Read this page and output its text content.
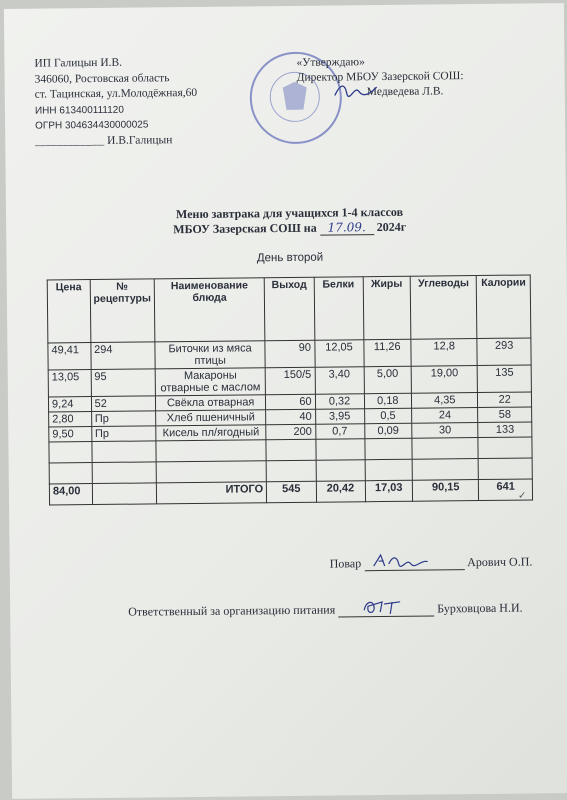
ИП Галицын И.В.
346060, Ростовская область
ст. Тацинская, ул.Молодёжная,60
ИНН 613400111120
ОГРН 304634430000025
____________ И.В.Галицын
«Утверждаю»
Директор МБОУ Зазерской СОШ:
Медведева Л.В.
Меню завтрака для учащихся 1-4 классов
МБОУ Зазерская СОШ на 17.09. 2024г
День второй
Цена	№ рецептуры	Наименование блюда	Выход	Белки	Жиры	Углеводы	Калории
49,41	294	Биточки из мяса птицы	90	12,05	11,26	12,8	293
13,05	95	Макароны отварные с маслом	150/5	3,40	5,00	19,00	135
9,24	52	Свёкла отварная	60	0,32	0,18	4,35	22
2,80	Пр	Хлеб пшеничный	40	3,95	0,5	24	58
9,50	Пр	Кисель пл/ягодный	200	0,7	0,09	30	133

84,00		ИТОГО	545	20,42	17,03	90,15	641
✓
Повар	Арович О.П.
Ответственный за организацию питания	Бурховцова Н.И.
